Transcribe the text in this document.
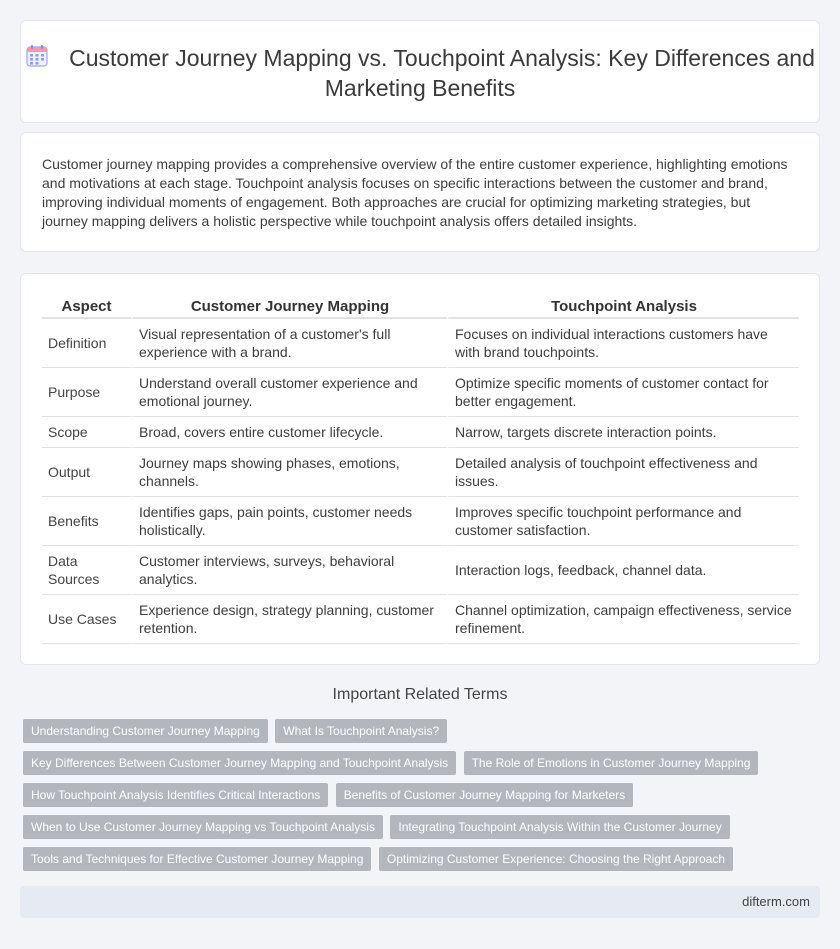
Customer Journey Mapping vs. Touchpoint Analysis: Key Differences and Marketing Benefits

Customer journey mapping provides a comprehensive overview of the entire customer experience, highlighting emotions and motivations at each stage. Touchpoint analysis focuses on specific interactions between the customer and brand, improving individual moments of engagement. Both approaches are crucial for optimizing marketing strategies, but journey mapping delivers a holistic perspective while touchpoint analysis offers detailed insights.

Aspect	Customer Journey Mapping	Touchpoint Analysis
Definition	Visual representation of a customer's full experience with a brand.	Focuses on individual interactions customers have with brand touchpoints.
Purpose	Understand overall customer experience and emotional journey.	Optimize specific moments of customer contact for better engagement.
Scope	Broad, covers entire customer lifecycle.	Narrow, targets discrete interaction points.
Output	Journey maps showing phases, emotions, channels.	Detailed analysis of touchpoint effectiveness and issues.
Benefits	Identifies gaps, pain points, customer needs holistically.	Improves specific touchpoint performance and customer satisfaction.
Data Sources	Customer interviews, surveys, behavioral analytics.	Interaction logs, feedback, channel data.
Use Cases	Experience design, strategy planning, customer retention.	Channel optimization, campaign effectiveness, service refinement.
Important Related Terms
Understanding Customer Journey Mapping What Is Touchpoint Analysis?
Key Differences Between Customer Journey Mapping and Touchpoint Analysis The Role of Emotions in Customer Journey Mapping
How Touchpoint Analysis Identifies Critical Interactions Benefits of Customer Journey Mapping for Marketers
When to Use Customer Journey Mapping vs Touchpoint Analysis Integrating Touchpoint Analysis Within the Customer Journey
Tools and Techniques for Effective Customer Journey Mapping Optimizing Customer Experience: Choosing the Right Approach
difterm.com
